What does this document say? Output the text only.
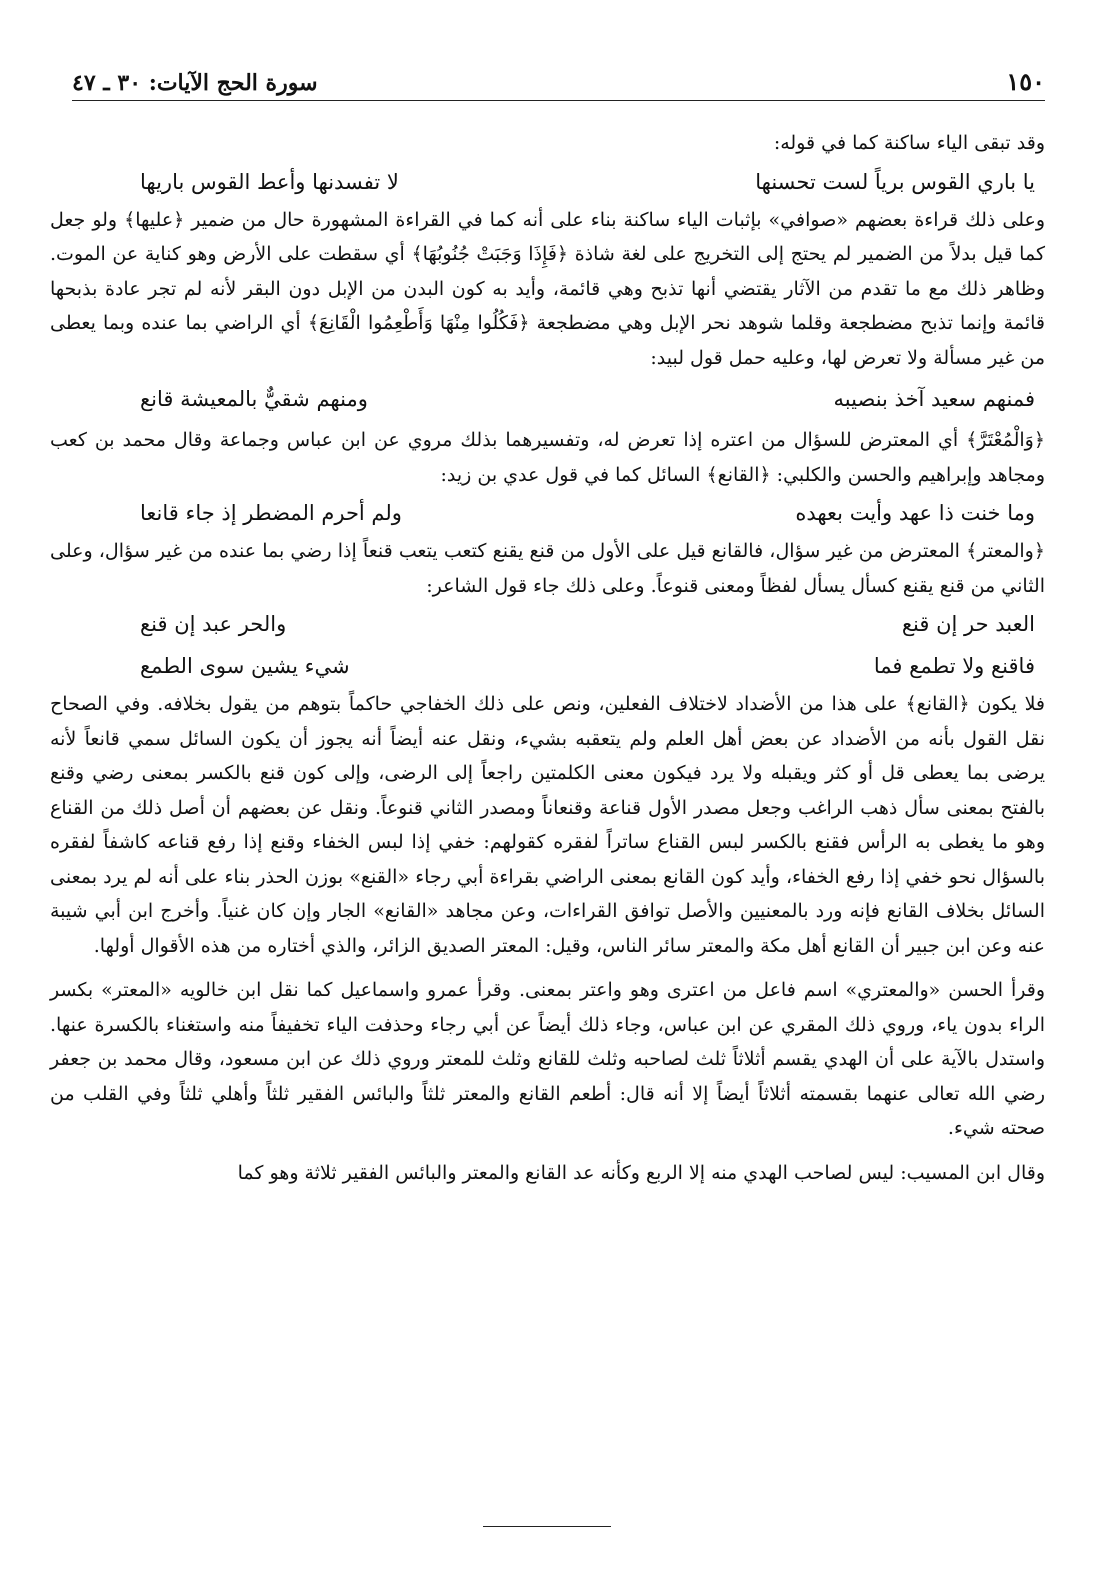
١٥٠
سورة الحج الآيات: ٣٠ ـ ٤٧

وقد تبقى الياء ساكنة كما في قوله:

يا باري القوس برياً لست تحسنها
لا تفسدنها وأعط القوس باريها

وعلى ذلك قراءة بعضهم «صوافي» بإثبات الياء ساكنة بناء على أنه كما في القراءة المشهورة حال من ضمير ﴿عليها﴾ ولو جعل كما قيل بدلاً من الضمير لم يحتج إلى التخريج على لغة شاذة ﴿فَإِذَا وَجَبَتْ جُنُوبُهَا﴾ أي سقطت على الأرض وهو كناية عن الموت. وظاهر ذلك مع ما تقدم من الآثار يقتضي أنها تذبح وهي قائمة، وأيد به كون البدن من الإبل دون البقر لأنه لم تجر عادة بذبحها قائمة وإنما تذبح مضطجعة وقلما شوهد نحر الإبل وهي مضطجعة ﴿فَكُلُوا مِنْهَا وَأَطْعِمُوا الْقَانِعَ﴾ أي الراضي بما عنده وبما يعطى من غير مسألة ولا تعرض لها، وعليه حمل قول لبيد:

فمنهم سعيد آخذ بنصيبه
ومنهم شقيٌّ بالمعيشة قانع

﴿وَالْمُعْتَرَّ﴾ أي المعترض للسؤال من اعتره إذا تعرض له، وتفسيرهما بذلك مروي عن ابن عباس وجماعة وقال محمد بن كعب ومجاهد وإبراهيم والحسن والكلبي: ﴿القانع﴾ السائل كما في قول عدي بن زيد:

وما خنت ذا عهد وأيت بعهده
ولم أحرم المضطر إذ جاء قانعا

﴿والمعتر﴾ المعترض من غير سؤال، فالقانع قيل على الأول من قنع يقنع كتعب يتعب قنعاً إذا رضي بما عنده من غير سؤال، وعلى الثاني من قنع يقنع كسأل يسأل لفظاً ومعنى قنوعاً. وعلى ذلك جاء قول الشاعر:

العبد حر إن قنع
والحر عبد إن قنع
فاقنع ولا تطمع فما
شيء يشين سوى الطمع

فلا يكون ﴿القانع﴾ على هذا من الأضداد لاختلاف الفعلين، ونص على ذلك الخفاجي حاكماً بتوهم من يقول بخلافه. وفي الصحاح نقل القول بأنه من الأضداد عن بعض أهل العلم ولم يتعقبه بشيء، ونقل عنه أيضاً أنه يجوز أن يكون السائل سمي قانعاً لأنه يرضى بما يعطى قل أو كثر ويقبله ولا يرد فيكون معنى الكلمتين راجعاً إلى الرضى، وإلى كون قنع بالكسر بمعنى رضي وقنع بالفتح بمعنى سأل ذهب الراغب وجعل مصدر الأول قناعة وقنعاناً ومصدر الثاني قنوعاً. ونقل عن بعضهم أن أصل ذلك من القناع وهو ما يغطى به الرأس فقنع بالكسر لبس القناع ساتراً لفقره كقولهم: خفي إذا لبس الخفاء وقنع إذا رفع قناعه كاشفاً لفقره بالسؤال نحو خفي إذا رفع الخفاء، وأيد كون القانع بمعنى الراضي بقراءة أبي رجاء «القنع» بوزن الحذر بناء على أنه لم يرد بمعنى السائل بخلاف القانع فإنه ورد بالمعنيين والأصل توافق القراءات، وعن مجاهد «القانع» الجار وإن كان غنياً. وأخرج ابن أبي شيبة عنه وعن ابن جبير أن القانع أهل مكة والمعتر سائر الناس، وقيل: المعتر الصديق الزائر، والذي أختاره من هذه الأقوال أولها.

وقرأ الحسن «والمعتري» اسم فاعل من اعترى وهو واعتر بمعنى. وقرأ عمرو واسماعيل كما نقل ابن خالويه «المعتر» بكسر الراء بدون ياء، وروي ذلك المقري عن ابن عباس، وجاء ذلك أيضاً عن أبي رجاء وحذفت الياء تخفيفاً منه واستغناء بالكسرة عنها. واستدل بالآية على أن الهدي يقسم أثلاثاً ثلث لصاحبه وثلث للقانع وثلث للمعتر وروي ذلك عن ابن مسعود، وقال محمد بن جعفر رضي الله تعالى عنهما بقسمته أثلاثاً أيضاً إلا أنه قال: أطعم القانع والمعتر ثلثاً والبائس الفقير ثلثاً وأهلي ثلثاً وفي القلب من صحته شيء.

وقال ابن المسيب: ليس لصاحب الهدي منه إلا الربع وكأنه عد القانع والمعتر والبائس الفقير ثلاثة وهو كما
